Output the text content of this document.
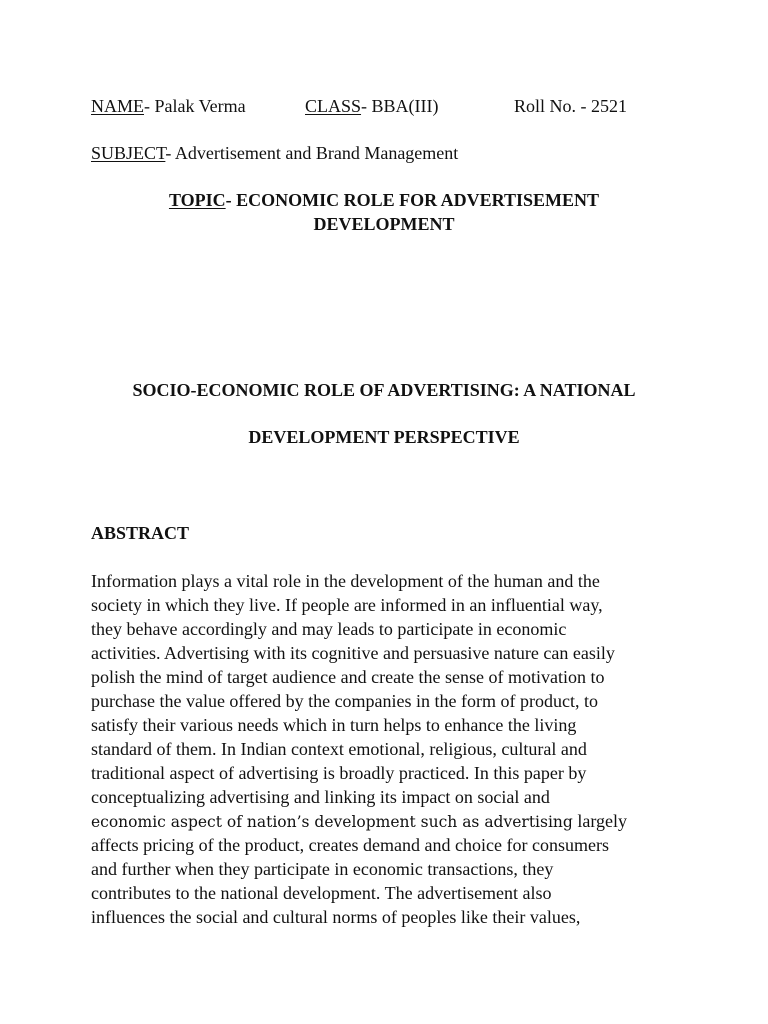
NAME- Palak Verma	CLASS- BBA(III)	Roll No. - 2521
SUBJECT- Advertisement and Brand Management
TOPIC- ECONOMIC ROLE FOR ADVERTISEMENT
DEVELOPMENT
SOCIO-ECONOMIC ROLE OF ADVERTISING: A NATIONAL
DEVELOPMENT PERSPECTIVE
ABSTRACT
Information plays a vital role in the development of the human and the
society in which they live. If people are informed in an influential way,
they behave accordingly and may leads to participate in economic
activities. Advertising with its cognitive and persuasive nature can easily
polish the mind of target audience and create the sense of motivation to
purchase the value offered by the companies in the form of product, to
satisfy their various needs which in turn helps to enhance the living
standard of them. In Indian context emotional, religious, cultural and
traditional aspect of advertising is broadly practiced. In this paper by
conceptualizing advertising and linking its impact on social and
economic aspect of nation’s development such as advertising largely
affects pricing of the product, creates demand and choice for consumers
and further when they participate in economic transactions, they
contributes to the national development. The advertisement also
influences the social and cultural norms of peoples like their values,
